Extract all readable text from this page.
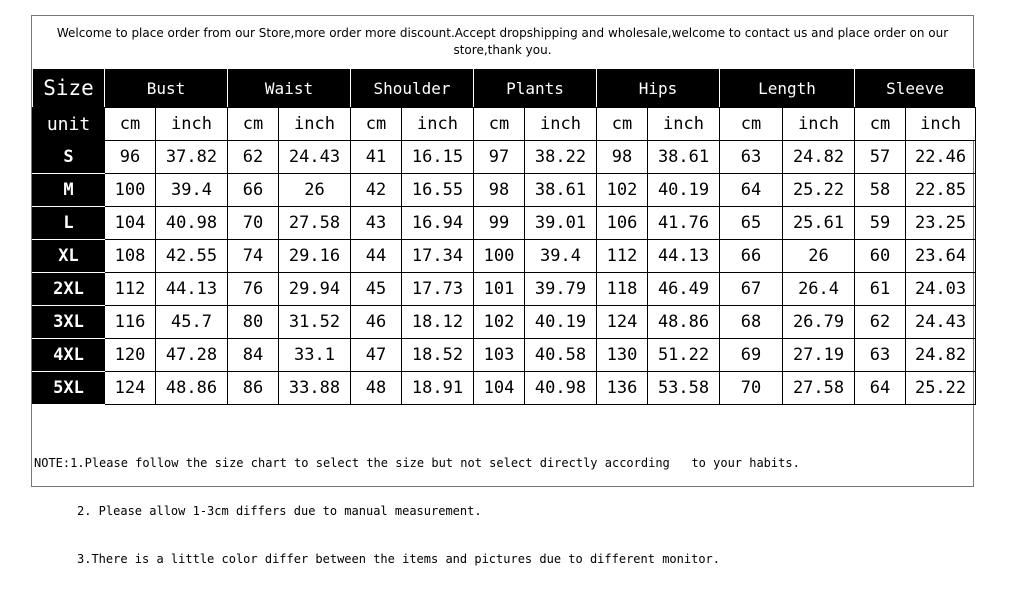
Welcome to place order from our Store,more order more discount.Accept dropshipping and wholesale,welcome to contact us and place order on our store,thank you.
Size	Bust		Waist		Shoulder		Plants		Hips		Length		Sleeve	
unit	cm	inch	cm	inch	cm	inch	cm	inch	cm	inch	cm	inch	cm	inch
S	96	37.82	62	24.43	41	16.15	97	38.22	98	38.61	63	24.82	57	22.46
M	100	39.4	66	26	42	16.55	98	38.61	102	40.19	64	25.22	58	22.85
L	104	40.98	70	27.58	43	16.94	99	39.01	106	41.76	65	25.61	59	23.25
XL	108	42.55	74	29.16	44	17.34	100	39.4	112	44.13	66	26	60	23.64
2XL	112	44.13	76	29.94	45	17.73	101	39.79	118	46.49	67	26.4	61	24.03
3XL	116	45.7	80	31.52	46	18.12	102	40.19	124	48.86	68	26.79	62	24.43
4XL	120	47.28	84	33.1	47	18.52	103	40.58	130	51.22	69	27.19	63	24.82
5XL	124	48.86	86	33.88	48	18.91	104	40.98	136	53.58	70	27.58	64	25.22

NOTE:1.Please follow the size chart to select the size but not select directly according   to your habits.

2. Please allow 1-3cm differs due to manual measurement.

3.There is a little color differ between the items and pictures due to different monitor.
